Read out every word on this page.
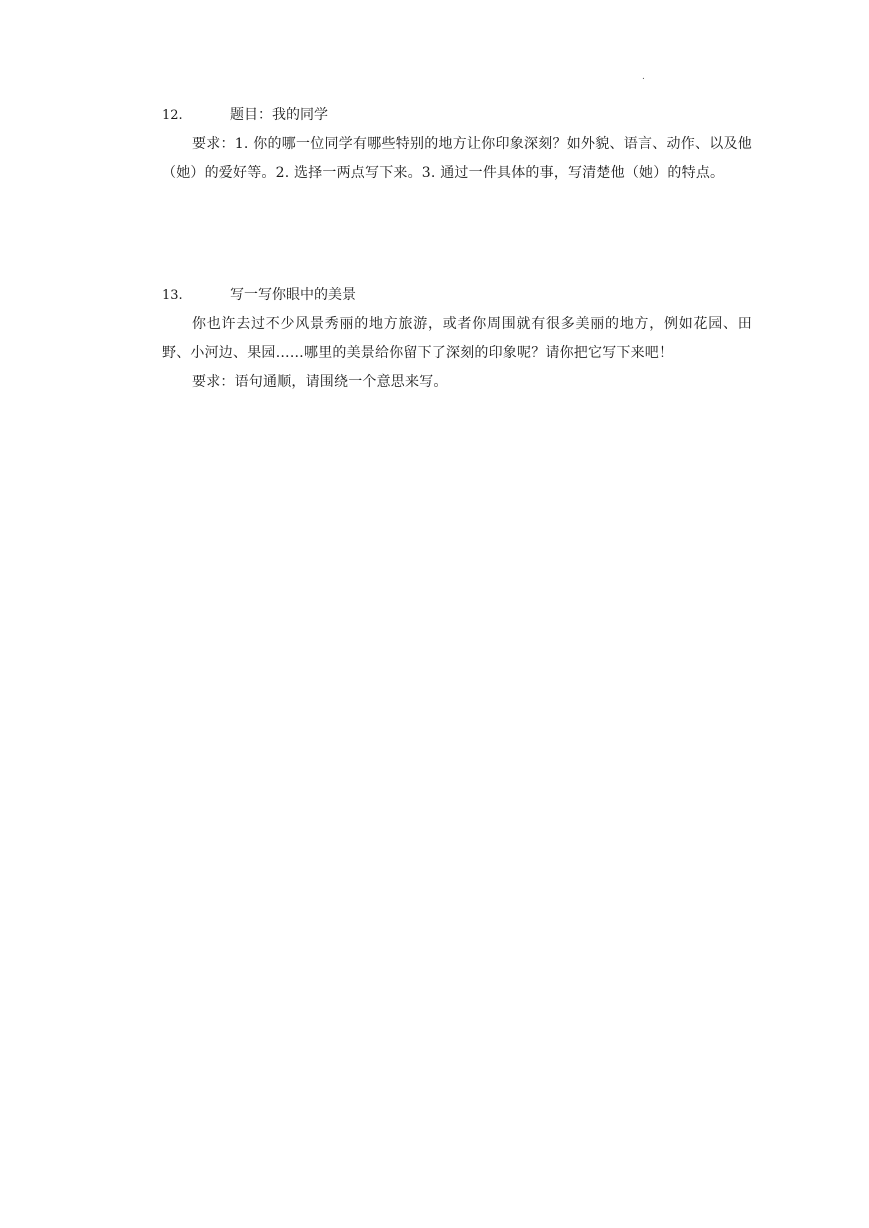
.
12.	题目：我的同学

要求：1. 你的哪一位同学有哪些特别的地方让你印象深刻？如外貌、语言、动作、以及他（她）的爱好等。2. 选择一两点写下来。3. 通过一件具体的事，写清楚他（她）的特点。

13.	写一写你眼中的美景

你也许去过不少风景秀丽的地方旅游，或者你周围就有很多美丽的地方，例如花园、田野、小河边、果园……哪里的美景给你留下了深刻的印象呢？请你把它写下来吧！

要求：语句通顺，请围绕一个意思来写。
